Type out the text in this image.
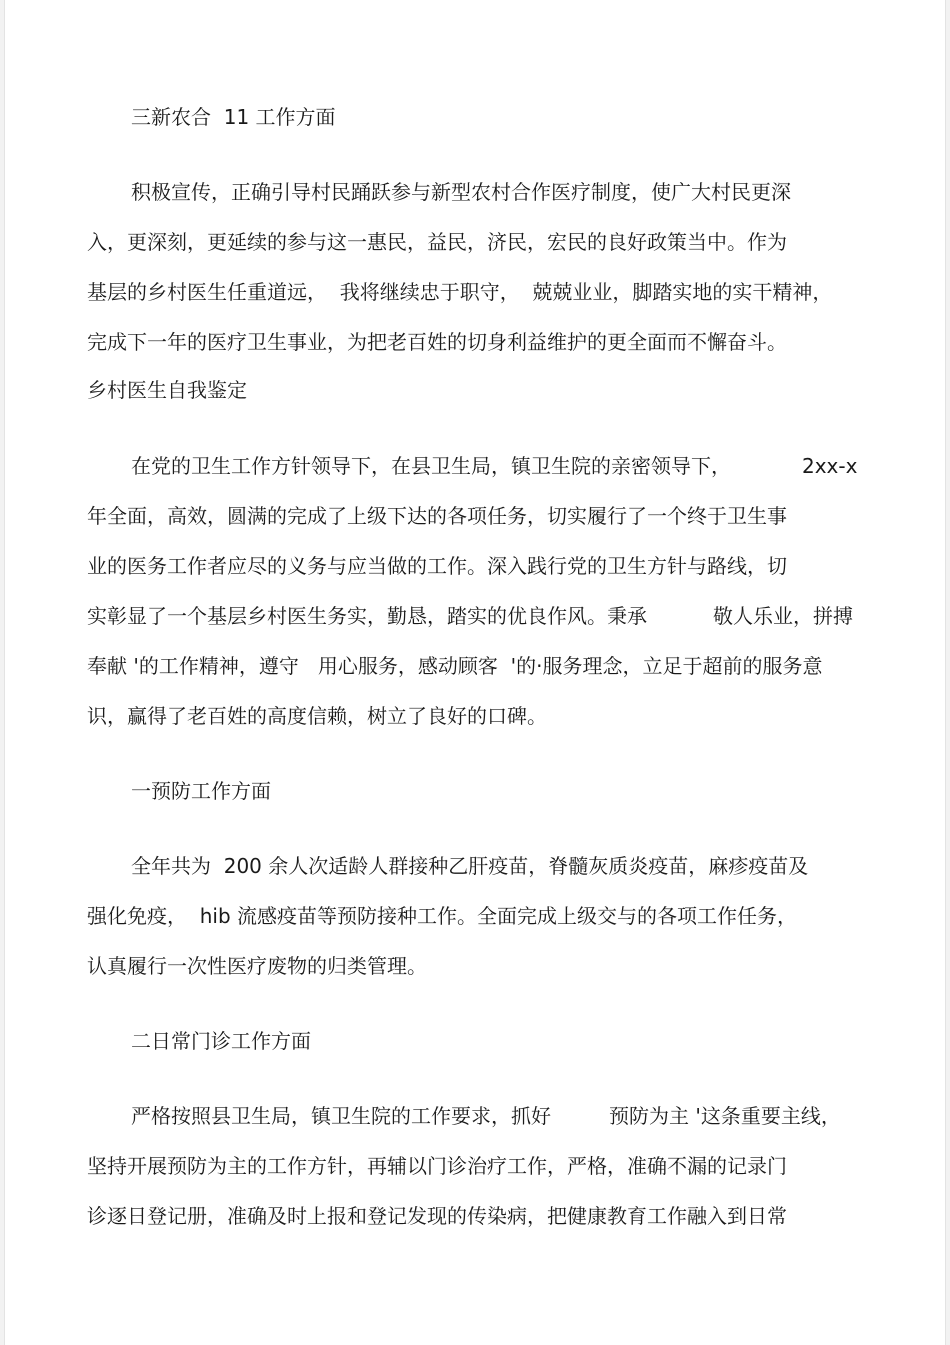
三新农合  11 工作方面

积极宣传，正确引导村民踊跃参与新型农村合作医疗制度，使广大村民更深

入，更深刻，更延续的参与这一惠民，益民，济民，宏民的良好政策当中。作为

基层的乡村医生任重道远，  我将继续忠于职守，  兢兢业业，脚踏实地的实干精神，

完成下一年的医疗卫生事业，为把老百姓的切身利益维护的更全面而不懈奋斗。

乡村医生自我鉴定

在党的卫生工作方针领导下，在县卫生局，镇卫生院的亲密领导下，	2xx-x

年全面，高效，圆满的完成了上级下达的各项任务，切实履行了一个终于卫生事

业的医务工作者应尽的义务与应当做的工作。深入践行党的卫生方针与路线，切

实彰显了一个基层乡村医生务实，勤恳，踏实的优良作风。秉承	敬人乐业，拼搏

奉献 '的工作精神，遵守   用心服务，感动顾客  '的·服务理念，立足于超前的服务意

识，赢得了老百姓的高度信赖，树立了良好的口碑。

一预防工作方面

全年共为  200 余人次适龄人群接种乙肝疫苗，脊髓灰质炎疫苗，麻疹疫苗及

强化免疫，  hib 流感疫苗等预防接种工作。全面完成上级交与的各项工作任务，

认真履行一次性医疗废物的归类管理。

二日常门诊工作方面

严格按照县卫生局，镇卫生院的工作要求，抓好	预防为主 '这条重要主线，

坚持开展预防为主的工作方针，再辅以门诊治疗工作，严格，准确不漏的记录门

诊逐日登记册，准确及时上报和登记发现的传染病，把健康教育工作融入到日常
